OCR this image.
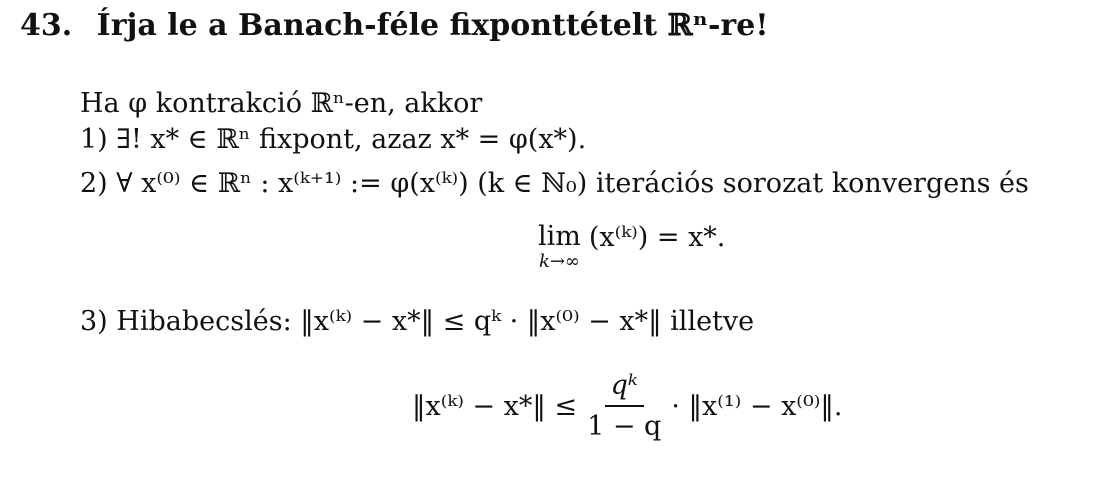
43. Írja le a Banach-féle fixponttételt ℝⁿ-re!
Ha φ kontrakció ℝⁿ-en, akkor
1) ∃! x* ∈ ℝⁿ fixpont, azaz x* = φ(x*).
2) ∀ x⁽⁰⁾ ∈ ℝⁿ : x⁽ᵏ⁺¹⁾ := φ(x⁽ᵏ⁾) (k ∈ ℕ₀) iterációs sorozat konvergens és
lim
k→∞
(x⁽ᵏ⁾) = x*.
3) Hibabecslés: ‖x⁽ᵏ⁾ − x*‖ ≤ qᵏ · ‖x⁽⁰⁾ − x*‖ illetve
‖x⁽ᵏ⁾ − x*‖ ≤ $\frac{\text{qᵏ}}{1 - q}$ · ‖x⁽¹⁾ − x⁽⁰⁾‖.
